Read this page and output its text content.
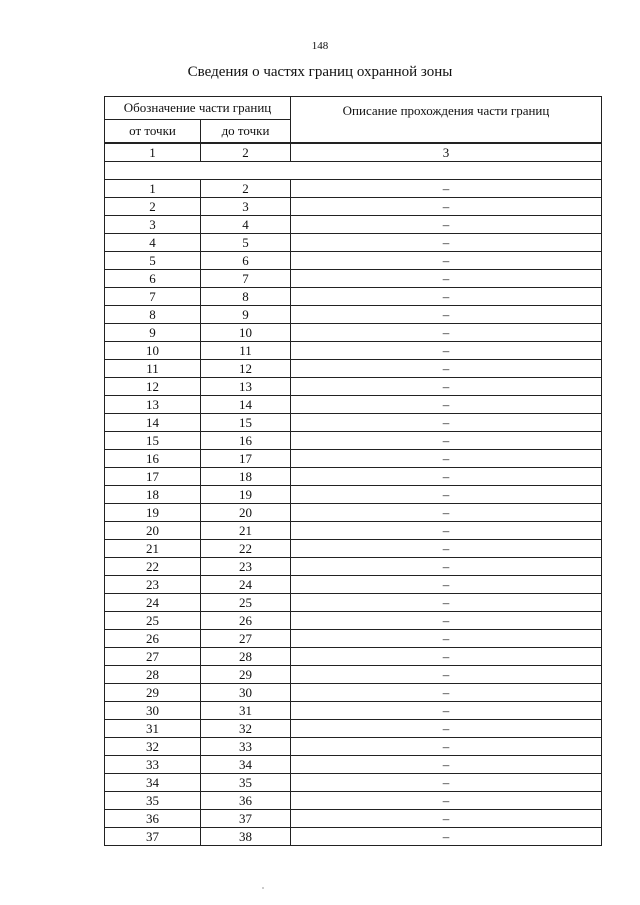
148
Сведения о частях границ охранной зоны
Обозначение части границ		Описание прохождения части границ
от точки	до точки	
1	2	3

1	2	–
2	3	–
3	4	–
4	5	–
5	6	–
6	7	–
7	8	–
8	9	–
9	10	–
10	11	–
11	12	–
12	13	–
13	14	–
14	15	–
15	16	–
16	17	–
17	18	–
18	19	–
19	20	–
20	21	–
21	22	–
22	23	–
23	24	–
24	25	–
25	26	–
26	27	–
27	28	–
28	29	–
29	30	–
30	31	–
31	32	–
32	33	–
33	34	–
34	35	–
35	36	–
36	37	–
37	38	–
